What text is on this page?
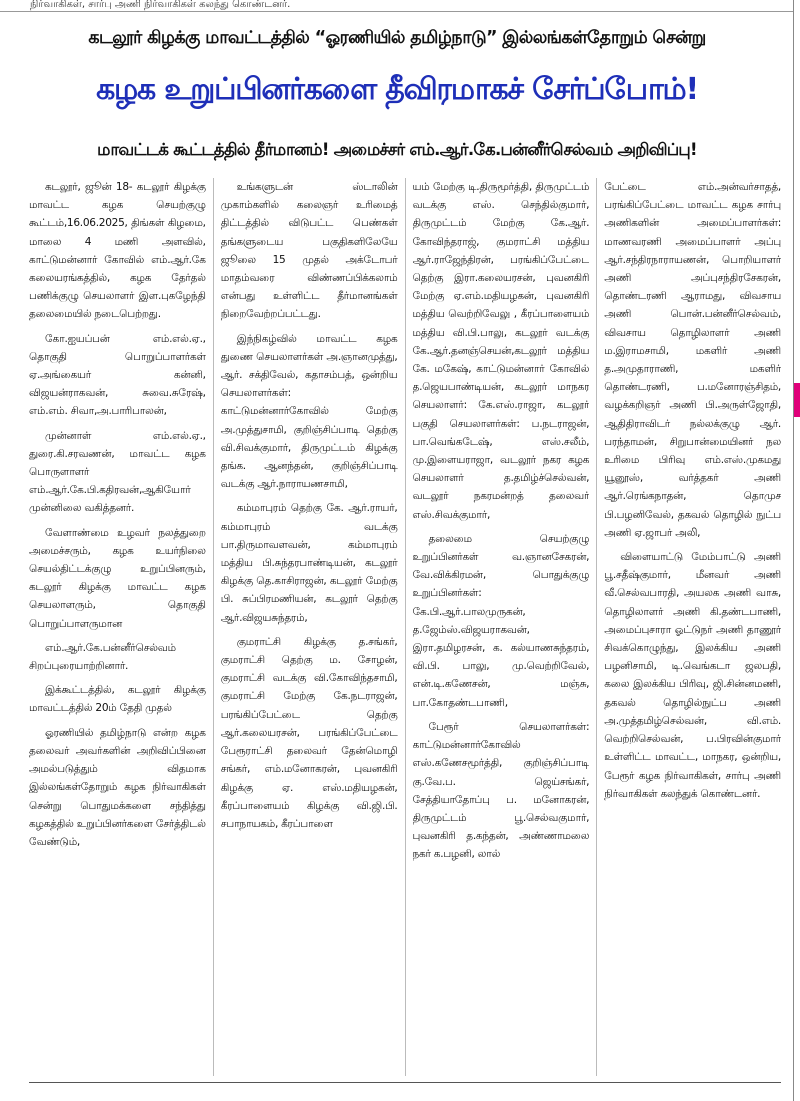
நிர்வாகிகள், சார்பு அணி நிர்வாகிகள் கலந்து கொண்டனர்.
கடலூர் கிழக்கு மாவட்டத்தில் “ஓரணியில் தமிழ்நாடு” இல்லங்கள்தோறும் சென்று
கழக உறுப்பினர்களை தீவிரமாகச் சேர்ப்போம்!
மாவட்டக் கூட்டத்தில் தீர்மானம்! அமைச்சர் எம்.ஆர்.கே.பன்னீர்செல்வம் அறிவிப்பு!

கடலூர், ஜூன் 18- கடலூர் கிழக்கு மாவட்ட கழக செயற்குழு கூட்டம்,16.06.2025, திங்கள் கிழமை, மாலை 4 மணி அளவில், காட்டுமன்னார் கோவில் எம்.ஆர்.கே கலையரங்கத்தில், கழக தேர்தல் பணிக்குழு செயலாளர் இள.புகழேந்தி தலைமையில் நடைபெற்றது.

கோ.ஐயப்பன் எம்.எல்.ஏ., தொகுதி பொறுப்பாளர்கள் ஏ.அங்கையர் கன்னி, விஜயன்ராகவன், சுவை.சுரேஷ், எம்.எம். சிவா,அ.பாரிபாலன்,

முன்னாள் எம்.எல்.ஏ., துரை.கி.சரவணன், மாவட்ட கழக பொருளாளர் எம்.ஆர்.கே.பி.கதிரவன்,ஆகியோர் முன்னிலை வகித்தனர்.

வேளாண்மை உழவர் நலத்துறை அமைச்சரும், கழக உயர்நிலை செயல்திட்டக்குழு உறுப்பினரும், கடலூர் கிழக்கு மாவட்ட கழக செயலாளரும், தொகுதி பொறுப்பாளருமான

எம்.ஆர்.கே.பன்னீர்செல்வம் சிறப்புரையாற்றினார்.

இக்கூட்டத்தில், கடலூர் கிழக்கு மாவட்டத்தில் 20ம் தேதி முதல்

ஓரணியில் தமிழ்நாடு என்ற கழக தலைவர் அவர்களின் அறிவிப்பினை அமல்படுத்தும் விதமாக இல்லங்கள்தோறும் கழக நிர்வாகிகள் சென்று பொதுமக்களை சந்தித்து கழகத்தில் உறுப்பினர்களை சேர்த்திடல் வேண்டும்,

உங்களுடன் ஸ்டாலின் முகாம்களில் கலைஞர் உரிமைத் திட்டத்தில் விடுபட்ட பெண்கள் தங்களுடைய பகுதிகளிலேயே ஜூலை 15 முதல் அக்டோபர் மாதம்வரை விண்ணப்பிக்கலாம் என்பது உள்ளிட்ட தீர்மானங்கள் நிறைவேற்றப்பட்டது.

இந்நிகழ்வில் மாவட்ட கழக துணை செயலாளர்கள் அ.ஞானமுத்து, ஆர். சக்திவேல், கதாசம்பத், ஒன்றிய செயலாளர்கள்: காட்டுமன்னார்கோவில் மேற்கு அ.முத்துசாமி, குறிஞ்சிப்பாடி தெற்கு வி.சிவக்குமார், திருமுட்டம் கிழக்கு தங்க. ஆனந்தன், குறிஞ்சிப்பாடி வடக்கு ஆர்.நாராயணசாமி,

கம்மாபுரம் தெற்கு கே. ஆர்.ராயர், கம்மாபுரம் வடக்கு பா.திருமாவளவன், கம்மாபுரம் மத்திய பி.சுந்தரபாண்டியன், கடலூர் கிழக்கு தெ.காசிராஜன், கடலூர் மேற்கு பி. சுப்பிரமணியன், கடலூர் தெற்கு ஆர்.விஜயசுந்தரம்,

குமராட்சி கிழக்கு த.சங்கர், குமராட்சி தெற்கு ம. சோழன், குமராட்சி வடக்கு வி.கோவிந்தசாமி, குமராட்சி மேற்கு கே.நடராஜன், பரங்கிப்பேட்டை தெற்கு ஆர்.கலையரசன், பரங்கிப்பேட்டை பேரூராட்சி தலைவர் தேன்மொழி சங்கர், எம்.மனோகரன், புவனகிரி கிழக்கு ஏ. எஸ்.மதியழகன், கீரப்பாளையம் கிழக்கு வி.ஜி.பி. சபாநாயகம், கீரப்பாளை

யம் மேற்கு டி.திருமூர்த்தி, திருமுட்டம் வடக்கு எஸ். செந்தில்குமார், திருமுட்டம் மேற்கு கே.ஆர். கோவிந்தராஜ், குமராட்சி மத்திய ஆர்.ராஜேந்திரன், பரங்கிப்பேட்டை தெற்கு இரா.கலையரசன், புவனகிரி மேற்கு ஏ.எம்.மதியழகன், புவனகிரி மத்திய வெற்றிவேலு , கீரப்பாளையம் மத்திய வி.பி.பாலு, கடலூர் வடக்கு கே.ஆர்.தனஞ்செயன்,கடலூர் மத்திய கே. மகேஷ், காட்டுமன்னார் கோவில் த.ஜெயபாண்டியன், கடலூர் மாநகர செயலாளர்: கே.எஸ்.ராஜா, கடலூர் பகுதி செயலாளர்கள்: ப.நடராஜன், பா.வெங்கடேஷ், எஸ்.சலீம், மு.இளையராஜா, வடலூர் நகர கழக செயலாளர் த.தமிழ்ச்செல்வன், வடலூர் நகரமன்றத் தலைவர் எஸ்.சிவக்குமார்,

தலைமை செயற்குழு உறுப்பினர்கள் வ.ஞானசேகரன், வே.விக்கிரமன், பொதுக்குழு உறுப்பினர்கள்: கே.பி.ஆர்.பாலமுருகன், த.ஜேம்ஸ்.விஜயராகவன், இரா.தமிழரசன், க. கல்யாணசுந்தரம், வி.பி. பாலு, மு.வெற்றிவேல், என்.டி.கணேசன், மஞ்சு, பா.கோதண்டபாணி,

பேரூர் செயலாளர்கள்: காட்டுமன்னார்கோவில் எஸ்.கணேசமூர்த்தி, குறிஞ்சிப்பாடி கு.வே.ப. ஜெய்சங்கர், சேத்தியாதோப்பு ப. மனோகரன், திருமுட்டம் பூ.செல்வகுமார், புவனகிரி த.கந்தன், அண்ணாமலை நகர் க.பழனி, லால்

பேட்டை எம்.அன்வர்சாதத், பரங்கிப்பேட்டை மாவட்ட கழக சார்பு அணிகளின் அமைப்பாளர்கள்: மாணவரணி அமைப்பாளர் அப்பு ஆர்.சந்திரநாராயணன், பொறியாளர் அணி அப்புசந்திரசேகரன், தொண்டரணி ஆராமது, விவசாய அணி பொன்.பன்னீர்செல்வம், விவசாய தொழிலாளர் அணி ம.இராமசாமி, மகளிர் அணி த.அமுதாராணி, மகளிர் தொண்டரணி, ப.மனோரஞ்சிதம், வழக்கறிஞர் அணி பி.அருள்ஜோதி, ஆதிதிராவிடர் நல்லக்குழு ஆர். பரந்தாமன், சிறுபான்மையினர் நல உரிமை பிரிவு எம்.எஸ்.முகமது யூனூஸ், வர்த்தகர் அணி ஆர்.ரெங்கநாதன், தொமுச பி.பழனிவேல், தகவல் தொழில் நுட்ப அணி ஏ.ஜாபர் அலி,

விளையாட்டு மேம்பாட்டு அணி பூ.சதீஷ்குமார், மீனவர் அணி வீ.செல்வபாரதி, அயலக அணி வாசு, தொழிலாளர் அணி கி.தண்டபாணி, அமைப்புசாரா ஓட்டுநர் அணி தாணூர் சிவக்கொழுந்து, இலக்கிய அணி பழனிசாமி, டி.வெங்கடா ஜலபதி, கலை இலக்கிய பிரிவு, ஜி.சின்னமணி, தகவல் தொழில்நுட்ப அணி அ.முத்தமிழ்செல்வன், வி.எம். வெற்றிசெல்வன், ப.பிரவின்குமார் உள்ளிட்ட மாவட்ட, மாநகர, ஒன்றிய, பேரூர் கழக நிர்வாகிகள், சார்பு அணி நிர்வாகிகள் கலந்துக் கொண்டனர்.
